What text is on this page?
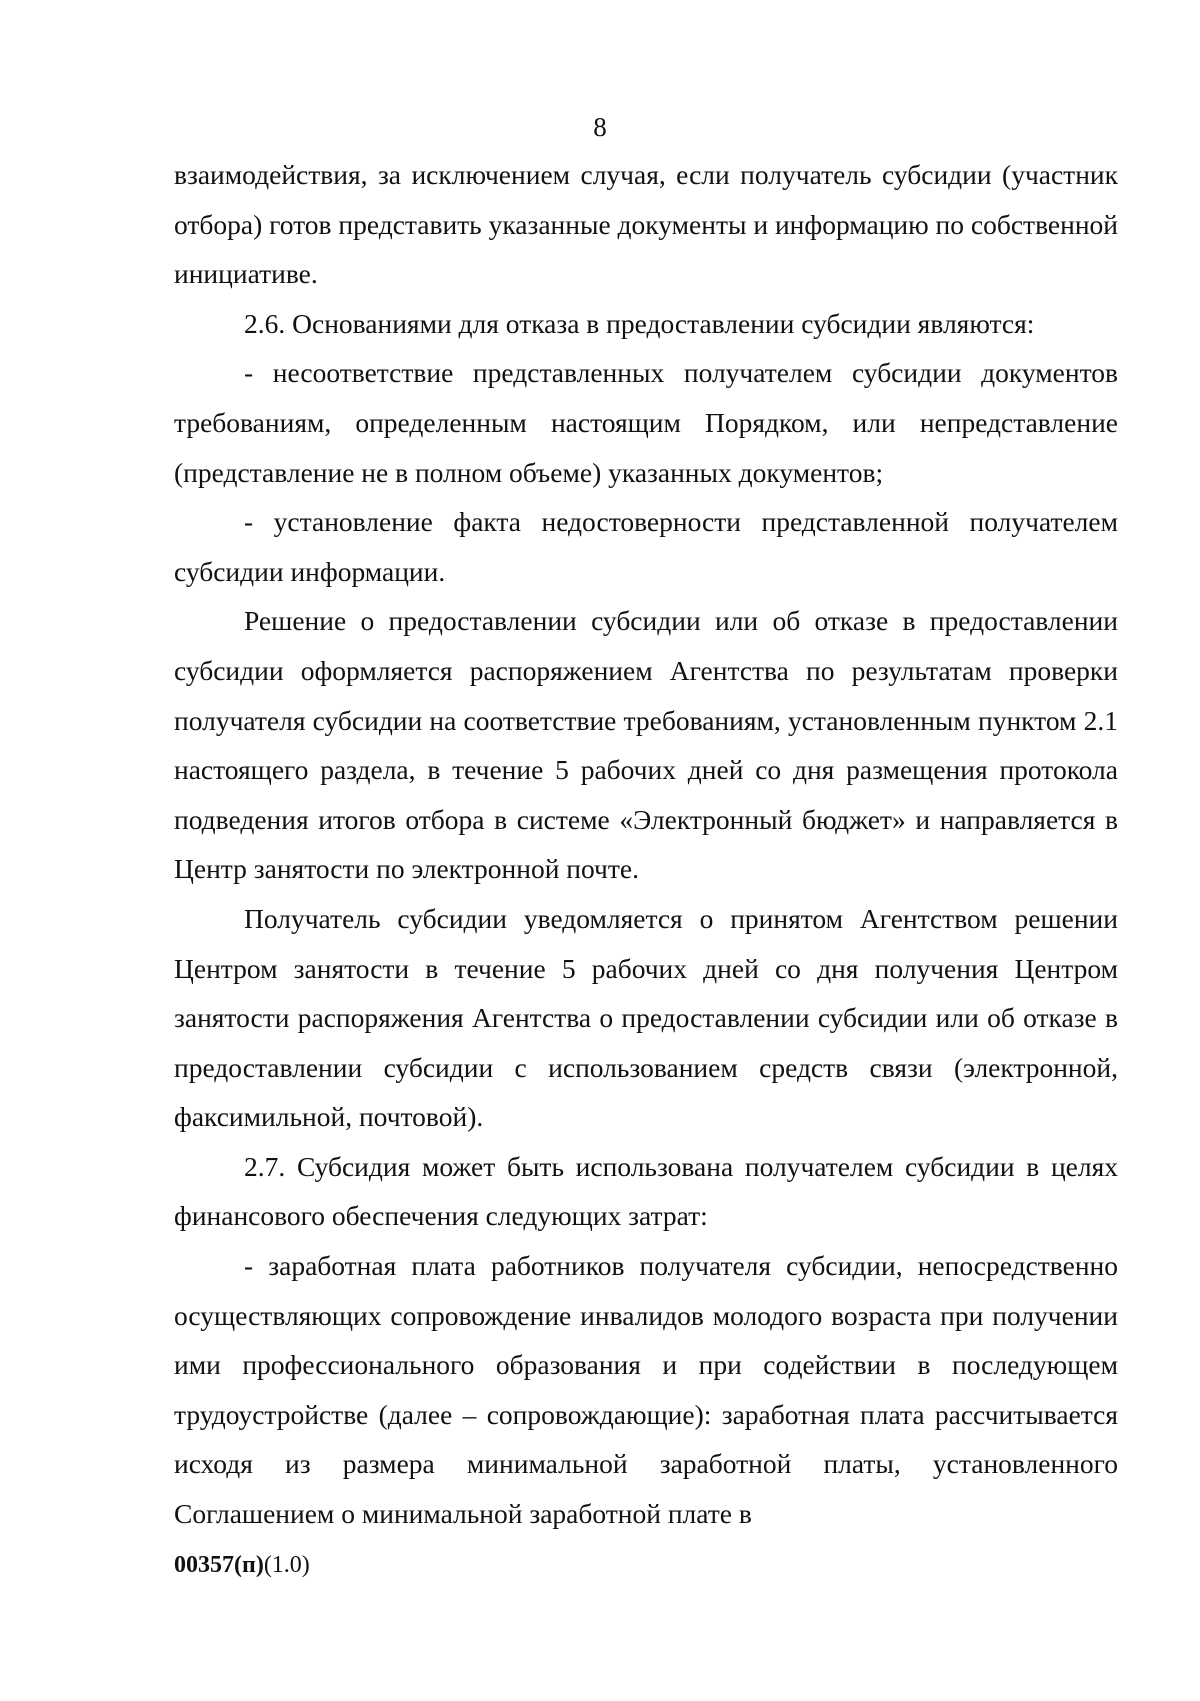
8

взаимодействия, за исключением случая, если получатель субсидии (участник отбора) готов представить указанные документы и информацию по собственной инициативе.

2.6. Основаниями для отказа в предоставлении субсидии являются:

- несоответствие представленных получателем субсидии документов требованиям, определенным настоящим Порядком, или непредставление (представление не в полном объеме) указанных документов;

- установление факта недостоверности представленной получателем субсидии информации.

Решение о предоставлении субсидии или об отказе в предоставлении субсидии оформляется распоряжением Агентства по результатам проверки получателя субсидии на соответствие требованиям, установленным пунктом 2.1 настоящего раздела, в течение 5 рабочих дней со дня размещения протокола подведения итогов отбора в системе «Электронный бюджет» и направляется в Центр занятости по электронной почте.

Получатель субсидии уведомляется о принятом Агентством решении Центром занятости в течение 5 рабочих дней со дня получения Центром занятости распоряжения Агентства о предоставлении субсидии или об отказе в предоставлении субсидии с использованием средств связи (электронной, факсимильной, почтовой).

2.7. Субсидия может быть использована получателем субсидии в целях финансового обеспечения следующих затрат:

- заработная плата работников получателя субсидии, непосредственно осуществляющих сопровождение инвалидов молодого возраста при получении ими профессионального образования и при содействии в последующем трудоустройстве (далее – сопровождающие): заработная плата рассчитывается исходя из размера минимальной заработной платы, установленного Соглашением о минимальной заработной плате в

00357(п)(1.0)
